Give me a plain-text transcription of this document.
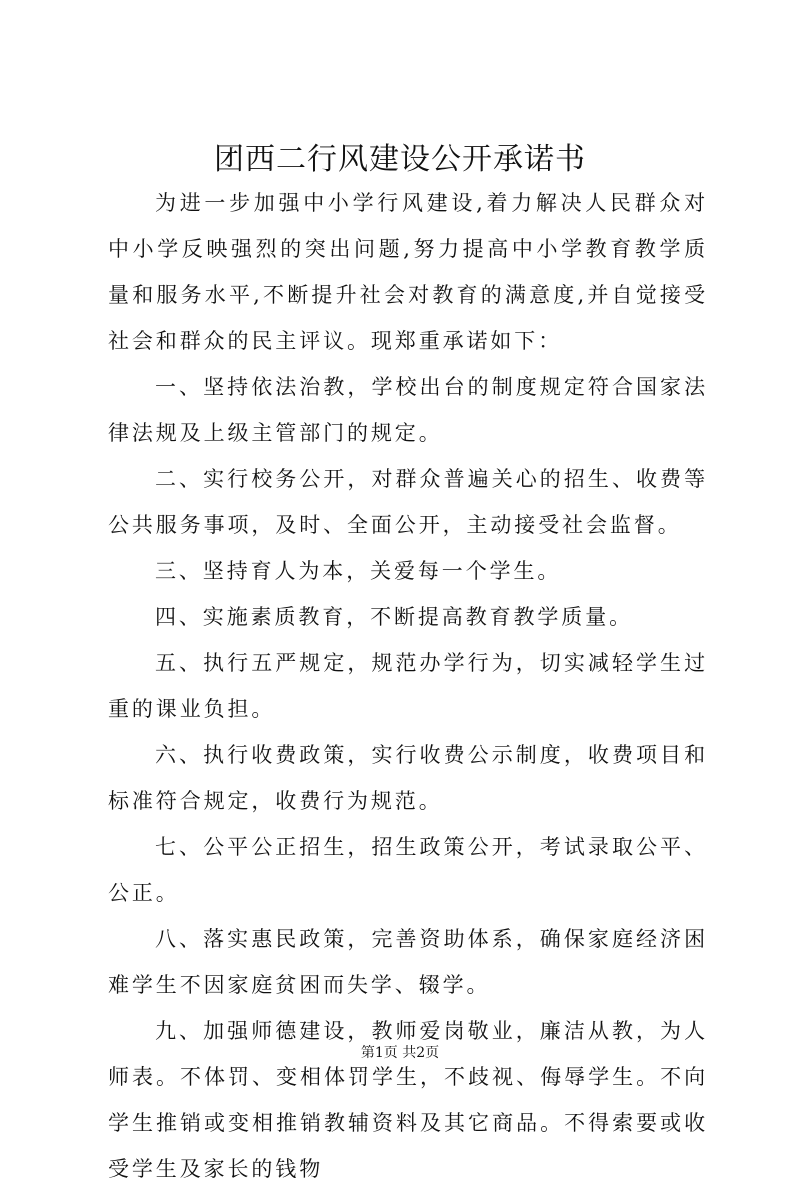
团西二行风建设公开承诺书

为进一步加强中小学行风建设,着力解决人民群众对中小学反映强烈的突出问题,努力提高中小学教育教学质量和服务水平,不断提升社会对教育的满意度,并自觉接受社会和群众的民主评议。现郑重承诺如下：

一、坚持依法治教，学校出台的制度规定符合国家法律法规及上级主管部门的规定。

二、实行校务公开，对群众普遍关心的招生、收费等公共服务事项，及时、全面公开，主动接受社会监督。

三、坚持育人为本，关爱每一个学生。

四、实施素质教育，不断提高教育教学质量。

五、执行五严规定，规范办学行为，切实减轻学生过重的课业负担。

六、执行收费政策，实行收费公示制度，收费项目和标准符合规定，收费行为规范。

七、公平公正招生，招生政策公开，考试录取公平、公正。

八、落实惠民政策，完善资助体系，确保家庭经济困难学生不因家庭贫困而失学、辍学。

九、加强师德建设，教师爱岗敬业，廉洁从教，为人师表。不体罚、变相体罚学生，不歧视、侮辱学生。不向学生推销或变相推销教辅资料及其它商品。不得索要或收受学生及家长的钱物

第1页 共2页
